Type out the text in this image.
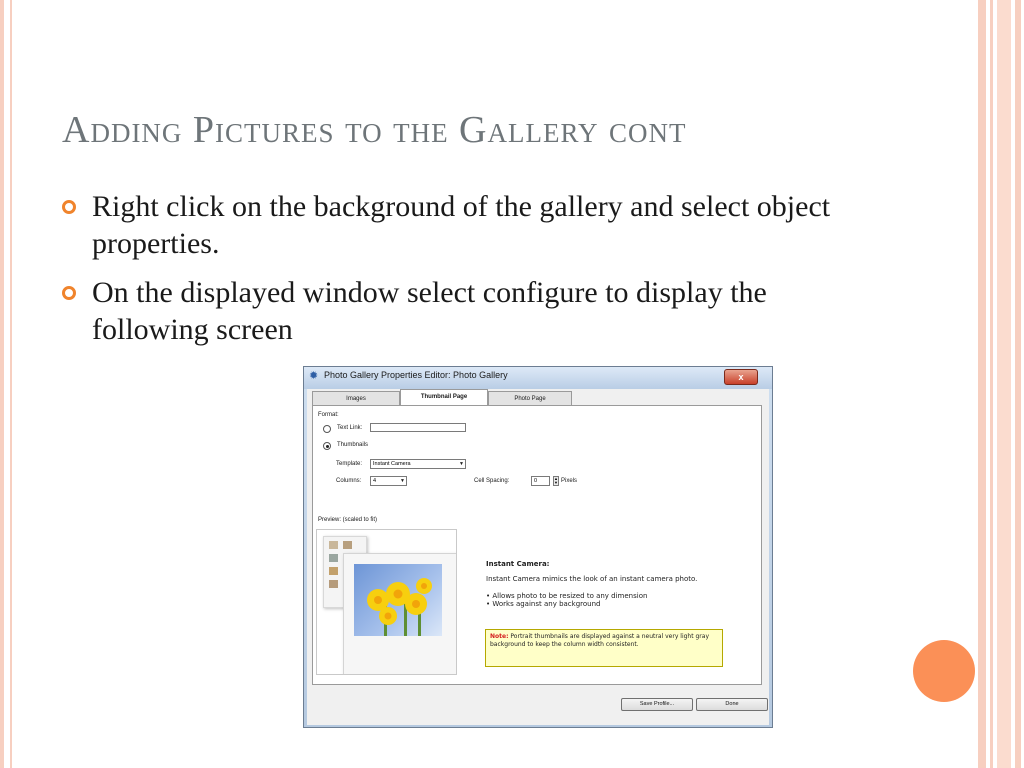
Adding Pictures to the Gallery cont
Right click on the background of the gallery and select object properties.
On the displayed window select configure to display the following screen
✹ Photo Gallery Properties Editor: Photo Gallery	x
Images	Thumbnail Page	Photo Page
Format:
Text Link:
Thumbnails
Template:	Instant Camera	▼
Columns:	4	▼	Cell Spacing:	0	▲
▼ Pixels
Preview: (scaled to fit)
Instant Camera:
Instant Camera mimics the look of an instant camera photo.
• Allows photo to be resized to any dimension
• Works against any background
Note: Portrait thumbnails are displayed against a neutral very light gray background to keep the column width consistent.
Save Profile...	Done
